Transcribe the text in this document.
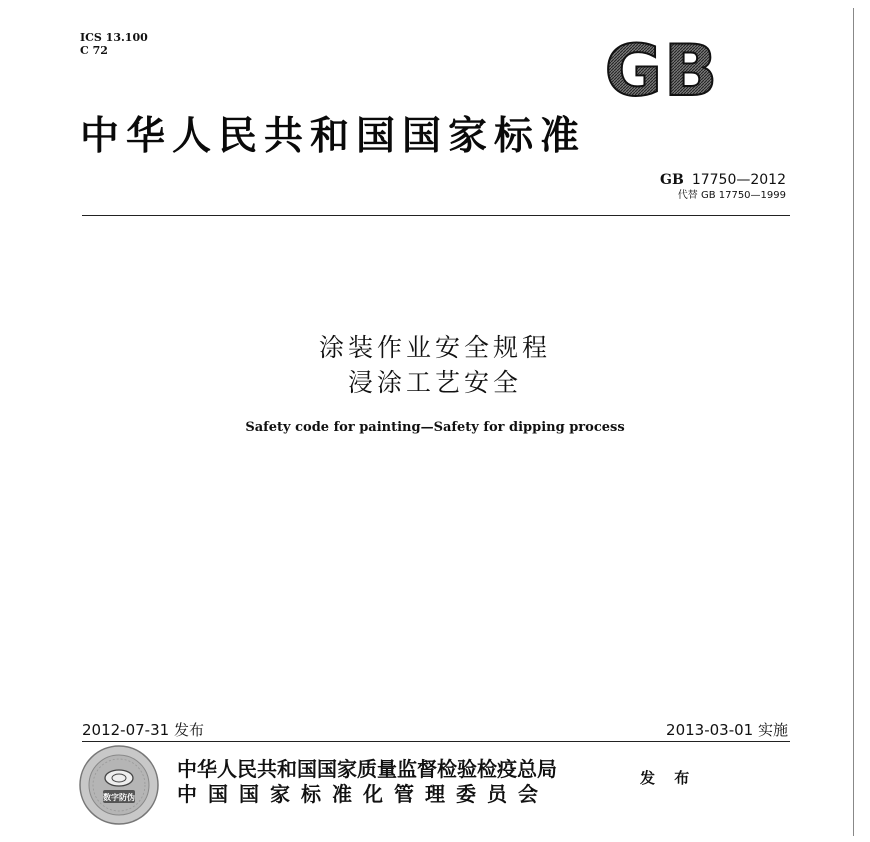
ICS 13.100
C 72	GB
中华人民共和国国家标准
GB 17750—2012
代替 GB 17750—1999
涂装作业安全规程
浸涂工艺安全
Safety code for painting—Safety for dipping process
2012-07-31 发布	2013-03-01 实施
数字防伪
中华人民共和国国家质量监督检验检疫总局
中国国家标准化管理委员会
发 布
